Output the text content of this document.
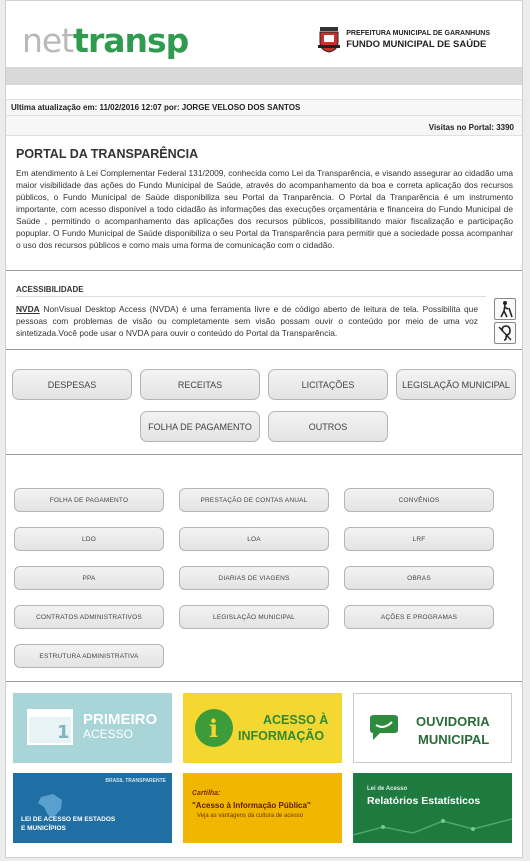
nettransp	PREFEITURA MUNICIPAL DE GARANHUNS
FUNDO MUNICIPAL DE SAÚDE
Ultima atualização em: 11/02/2016 12:07 por: JORGE VELOSO DOS SANTOS
Visitas no Portal: 3390
PORTAL DA TRANSPARÊNCIA
Em atendimento à Lei Complementar Federal 131/2009, conhecida como Lei da Transparência, e visando assegurar ao cidadão uma maior visibilidade das ações do Fundo Municipal de Saúde, através do acompanhamento da boa e correta aplicação dos recursos públicos, o Fundo Municipal de Saúde disponibiliza seu Portal da Tranparência. O Portal da Tranparência é um instrumento importante, com acesso disponível a todo cidadão às informações das execuções orçamentária e financeira do Fundo Municipal de Saúde , permitindo o acompanhamento das aplicações dos recursos públicos, possibilitando maior fiscalização e participação popuplar. O Fundo Municipal de Saúde disponibiliza o seu Portal da Transparência para permitir que a sociedade possa acompanhar o uso dos recursos públicos e como mais uma forma de comunicação com o cidadão.
ACESSIBILIDADE
NVDA NonVisual Desktop Access (NVDA) é uma ferramenta livre e de código aberto de leitura de tela. Possibilita que pessoas com problemas de visão ou completamente sem visão possam ouvir o conteúdo por meio de uma voz sintetizada.Você pode usar o NVDA para ouvir o conteúdo do Portal da Transparência.
DESPESAS	RECEITAS	LICITAÇÕES	LEGISLAÇÃO MUNICIPAL
FOLHA DE PAGAMENTO	OUTROS
FOLHA DE PAGAMENTO	PRESTAÇÃO DE CONTAS ANUAL	CONVÊNIOS
LDO	LOA	LRF
PPA	DIARIAS DE VIAGENS	OBRAS
CONTRATOS ADMINISTRATIVOS	LEGISLAÇÃO MUNICIPAL	AÇÕES E PROGRAMAS
ESTRUTURA ADMINISTRATIVA
1
PRIMEIRO
ACESSO	i	ACESSO À
INFORMAÇÃO
OUVIDORIA
MUNICIPAL
BRASIL TRANSPARENTE
LEI DE ACESSO EM ESTADOS
E MUNICÍPIOS
Cartilha:
"Acesso à Informação Pública"
Veja as vantagens da cultura de acesso
Lei de Acesso
Relatórios Estatísticos
